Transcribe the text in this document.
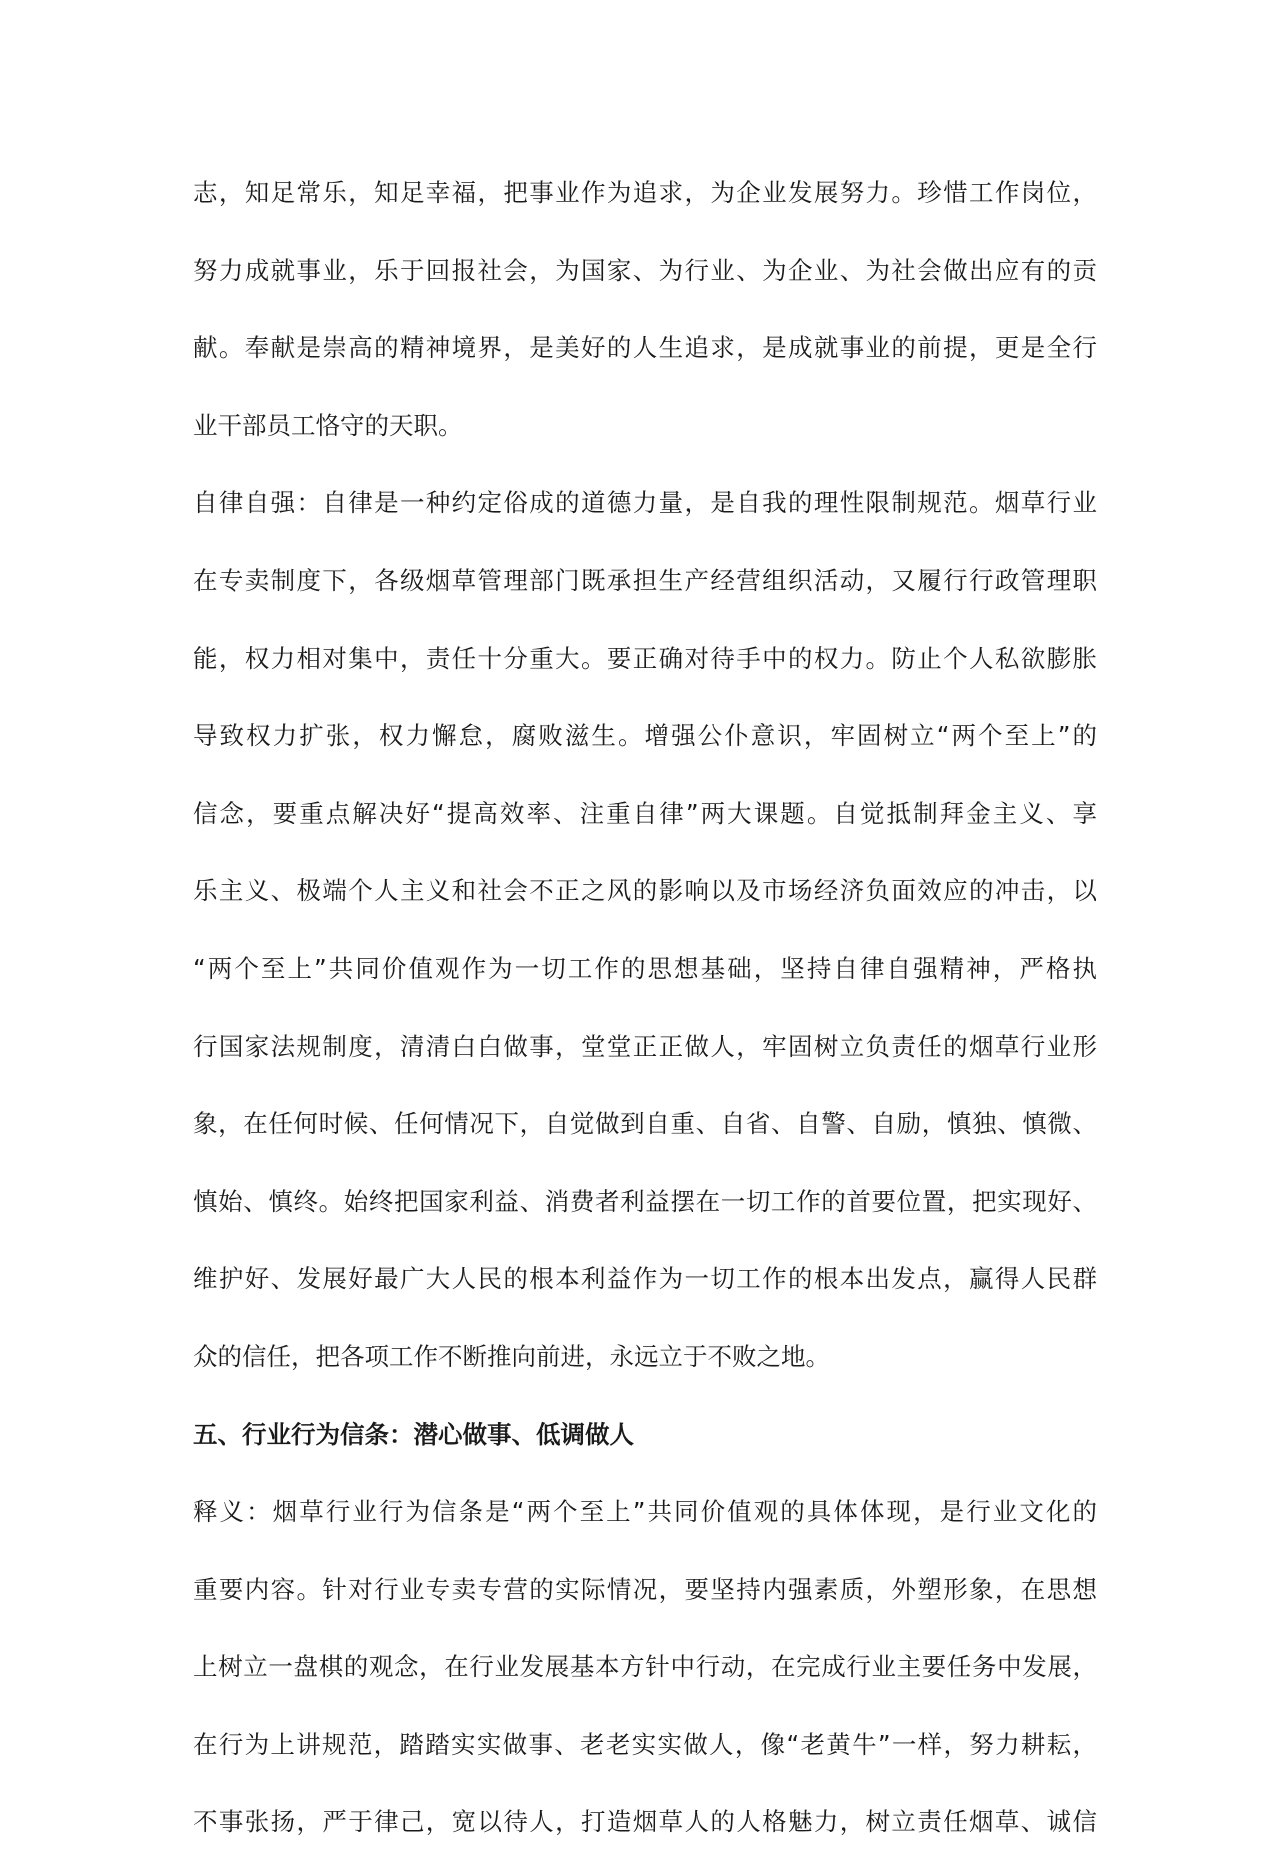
志，知足常乐，知足幸福，把事业作为追求，为企业发展努力。珍惜工作岗位，
努力成就事业，乐于回报社会，为国家、为行业、为企业、为社会做出应有的贡
献。奉献是崇高的精神境界，是美好的人生追求，是成就事业的前提，更是全行
业干部员工恪守的天职。
自律自强：自律是一种约定俗成的道德力量，是自我的理性限制规范。烟草行业
在专卖制度下，各级烟草管理部门既承担生产经营组织活动，又履行行政管理职
能，权力相对集中，责任十分重大。要正确对待手中的权力。防止个人私欲膨胀
导致权力扩张，权力懈怠，腐败滋生。增强公仆意识，牢固树立“两个至上”的
信念，要重点解决好“提高效率、注重自律”两大课题。自觉抵制拜金主义、享
乐主义、极端个人主义和社会不正之风的影响以及市场经济负面效应的冲击，以
“两个至上”共同价值观作为一切工作的思想基础，坚持自律自强精神，严格执
行国家法规制度，清清白白做事，堂堂正正做人，牢固树立负责任的烟草行业形
象，在任何时候、任何情况下，自觉做到自重、自省、自警、自励，慎独、慎微、
慎始、慎终。始终把国家利益、消费者利益摆在一切工作的首要位置，把实现好、
维护好、发展好最广大人民的根本利益作为一切工作的根本出发点，赢得人民群
众的信任，把各项工作不断推向前进，永远立于不败之地。
五、行业行为信条：潜心做事、低调做人
释义：烟草行业行为信条是“两个至上”共同价值观的具体体现，是行业文化的
重要内容。针对行业专卖专营的实际情况，要坚持内强素质，外塑形象，在思想
上树立一盘棋的观念，在行业发展基本方针中行动，在完成行业主要任务中发展，
在行为上讲规范，踏踏实实做事、老老实实做人，像“老黄牛”一样，努力耕耘，
不事张扬，严于律己，宽以待人，打造烟草人的人格魅力，树立责任烟草、诚信
